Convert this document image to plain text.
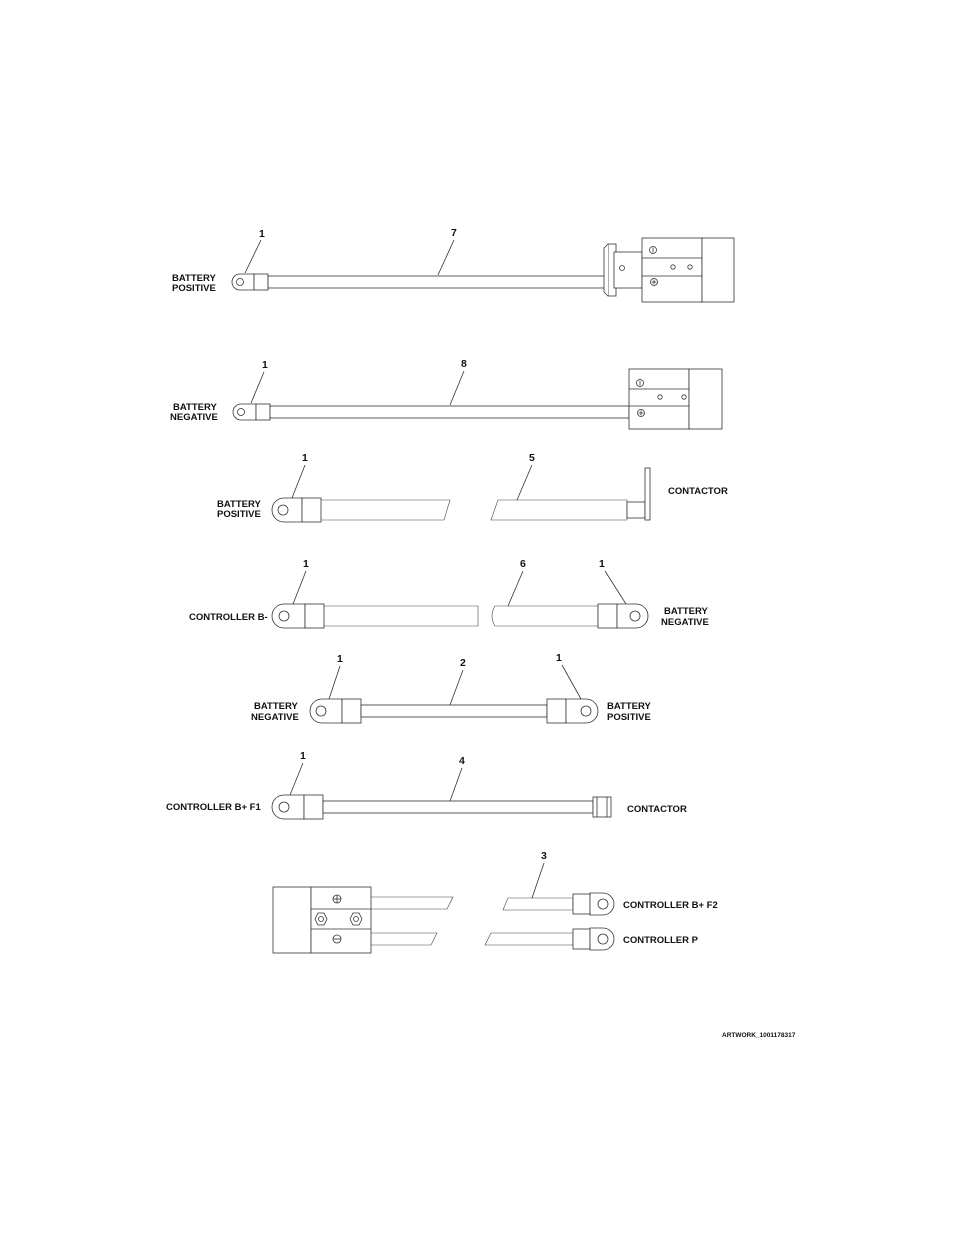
BATTERY
POSITIVE
1	7
BATTERY
NEGATIVE
1	8
BATTERY
POSITIVE
CONTACTOR
1	5
CONTROLLER B-
BATTERY
NEGATIVE
1	6	1
BATTERY
NEGATIVE
BATTERY
POSITIVE
1	2	1
CONTROLLER B+ F1	CONTACTOR
1	4
CONTROLLER B+ F2
CONTROLLER P
3
ARTWORK_1001178317
